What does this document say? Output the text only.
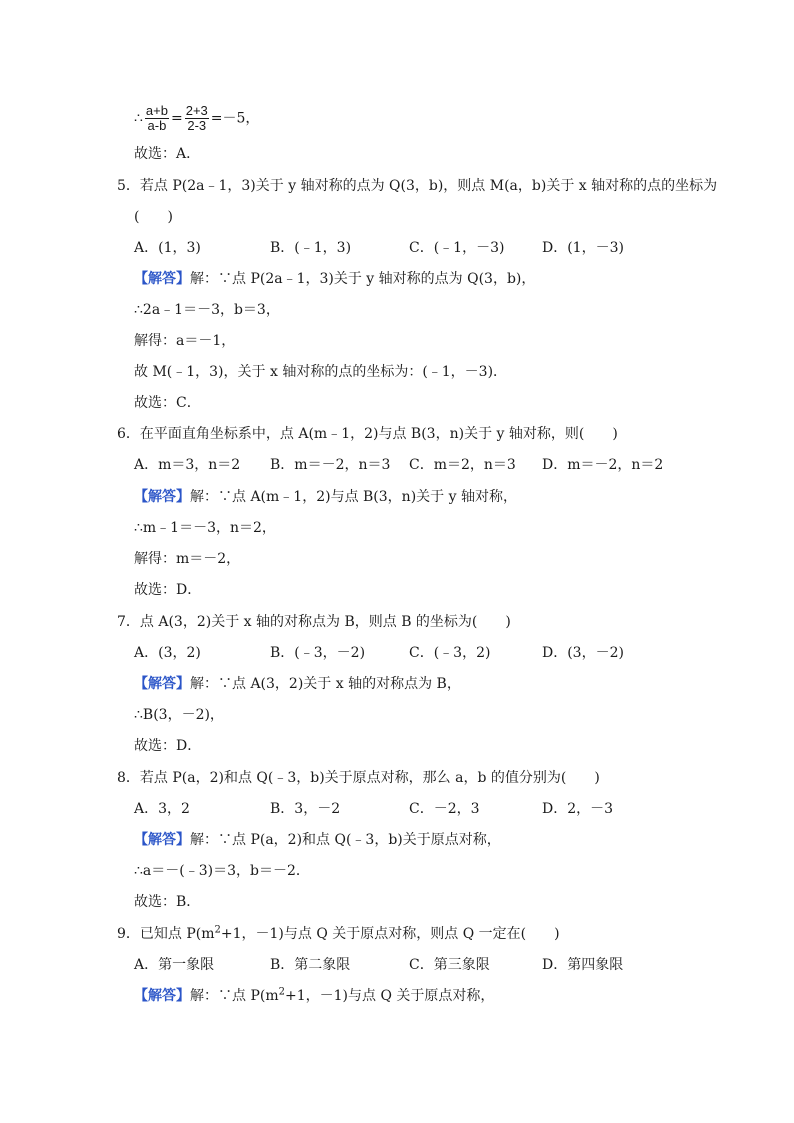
∴ $\frac{a+b}{a-b} = \frac{2+3}{2-3} =-5$，
故选：A．
5．若点 P(2a﹣1，3)关于 y 轴对称的点为 Q(3，b)，则点 M(a，b)关于 x 轴对称的点的坐标为
(　　)
A．(1，3)	B．(﹣1，3)	C．(﹣1，－3)	D．(1，－3)
【解答】解：∵点 P(2a﹣1，3)关于 y 轴对称的点为 Q(3，b)，
∴2a﹣1＝－3，b＝3，
解得：a＝－1，
故 M(﹣1，3)，关于 x 轴对称的点的坐标为：(﹣1，－3)．
故选：C．
6．在平面直角坐标系中，点 A(m﹣1，2)与点 B(3，n)关于 y 轴对称，则(　　)
A．m＝3，n＝2 B．m＝－2，n＝3 C．m＝2，n＝3 D．m＝－2，n＝2
【解答】解：∵点 A(m﹣1，2)与点 B(3，n)关于 y 轴对称，
∴m﹣1＝－3，n＝2，
解得：m＝－2，
故选：D．
7．点 A(3，2)关于 x 轴的对称点为 B，则点 B 的坐标为(　　)
A．(3，2)	B．(﹣3，－2)	C．(﹣3，2)	D．(3，－2)
【解答】解：∵点 A(3，2)关于 x 轴的对称点为 B，
∴B(3，－2)，
故选：D．
8．若点 P(a，2)和点 Q(﹣3，b)关于原点对称，那么 a，b 的值分别为(　　)
A．3，2	B．3，－2	C．－2，3	D．2，－3
【解答】解：∵点 P(a，2)和点 Q(﹣3，b)关于原点对称，
∴a＝－(﹣3)＝3，b＝－2．
故选：B．
9．已知点 $P(m^2+1$，－1)与点 Q 关于原点对称，则点 Q 一定在(　　)
A．第一象限	B．第二象限	C．第三象限	D．第四象限
【解答】解：∵点 $P(m^2+1$，－1)与点 Q 关于原点对称，
